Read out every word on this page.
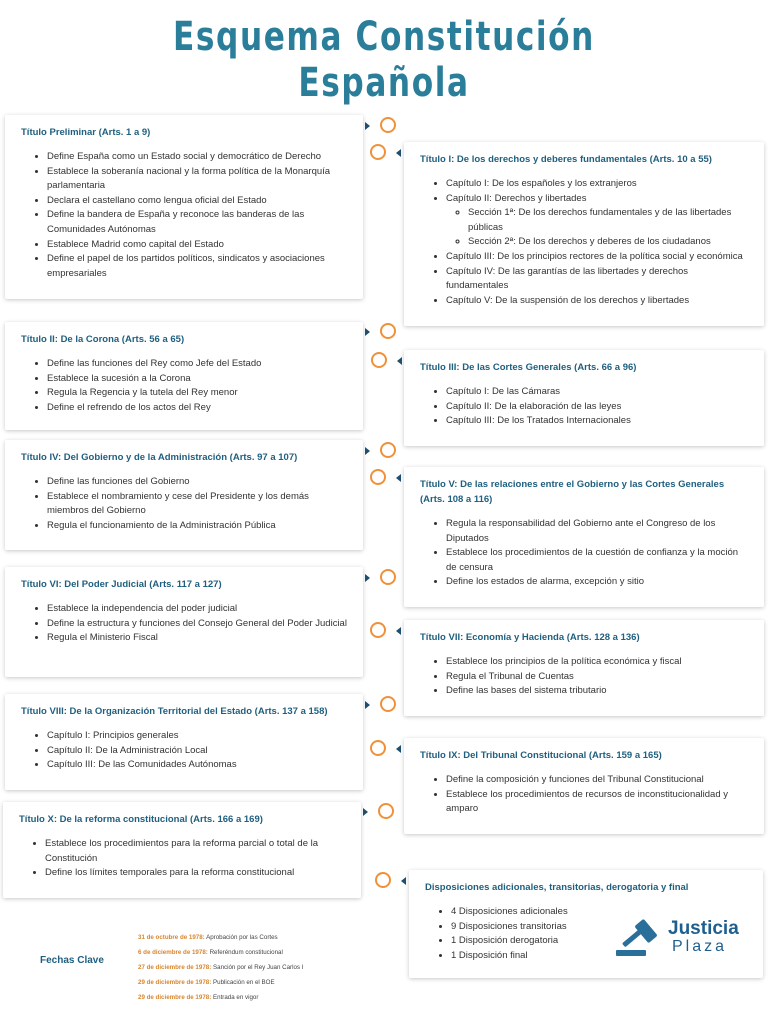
Esquema Constitución Española
Título Preliminar (Arts. 1 a 9)
• Define España como un Estado social y democrático de Derecho
• Establece la soberanía nacional y la forma política de la Monarquía parlamentaria
• Declara el castellano como lengua oficial del Estado
• Define la bandera de España y reconoce las banderas de las Comunidades Autónomas
• Establece Madrid como capital del Estado
• Define el papel de los partidos políticos, sindicatos y asociaciones empresariales
Título II: De la Corona (Arts. 56 a 65)
• Define las funciones del Rey como Jefe del Estado
• Establece la sucesión a la Corona
• Regula la Regencia y la tutela del Rey menor
• Define el refrendo de los actos del Rey
Título IV: Del Gobierno y de la Administración (Arts. 97 a 107)
• Define las funciones del Gobierno
• Establece el nombramiento y cese del Presidente y los demás miembros del Gobierno
• Regula el funcionamiento de la Administración Pública
Título VI: Del Poder Judicial (Arts. 117 a 127)
• Establece la independencia del poder judicial
• Define la estructura y funciones del Consejo General del Poder Judicial
• Regula el Ministerio Fiscal
Título VIII: De la Organización Territorial del Estado (Arts. 137 a 158)
• Capítulo I: Principios generales
• Capítulo II: De la Administración Local
• Capítulo III: De las Comunidades Autónomas
Título X: De la reforma constitucional (Arts. 166 a 169)
• Establece los procedimientos para la reforma parcial o total de la Constitución
• Define los límites temporales para la reforma constitucional
Título I: De los derechos y deberes fundamentales (Arts. 10 a 55)
• Capítulo I: De los españoles y los extranjeros
• Capítulo II: Derechos y libertades
◦ Sección 1ª: De los derechos fundamentales y de las libertades públicas
◦ Sección 2ª: De los derechos y deberes de los ciudadanos
• Capítulo III: De los principios rectores de la política social y económica
• Capítulo IV: De las garantías de las libertades y derechos fundamentales
• Capítulo V: De la suspensión de los derechos y libertades
Título III: De las Cortes Generales (Arts. 66 a 96)
• Capítulo I: De las Cámaras
• Capítulo II: De la elaboración de las leyes
• Capítulo III: De los Tratados Internacionales
Título V: De las relaciones entre el Gobierno y las Cortes Generales (Arts. 108 a 116)
• Regula la responsabilidad del Gobierno ante el Congreso de los Diputados
• Establece los procedimientos de la cuestión de confianza y la moción de censura
• Define los estados de alarma, excepción y sitio
Título VII: Economía y Hacienda (Arts. 128 a 136)
• Establece los principios de la política económica y fiscal
• Regula el Tribunal de Cuentas
• Define las bases del sistema tributario
Título IX: Del Tribunal Constitucional (Arts. 159 a 165)
• Define la composición y funciones del Tribunal Constitucional
• Establece los procedimientos de recursos de inconstitucionalidad y amparo
Disposiciones adicionales, transitorias, derogatoria y final
• 4 Disposiciones adicionales
• 9 Disposiciones transitorias
• 1 Disposición derogatoria
• 1 Disposición final
Fechas Clave
31 de octubre de 1978: Aprobación por las Cortes
6 de diciembre de 1978: Referéndum constitucional
27 de diciembre de 1978: Sanción por el Rey Juan Carlos I
29 de diciembre de 1978: Publicación en el BOE
29 de diciembre de 1978: Entrada en vigor
Justicia
Plaza
